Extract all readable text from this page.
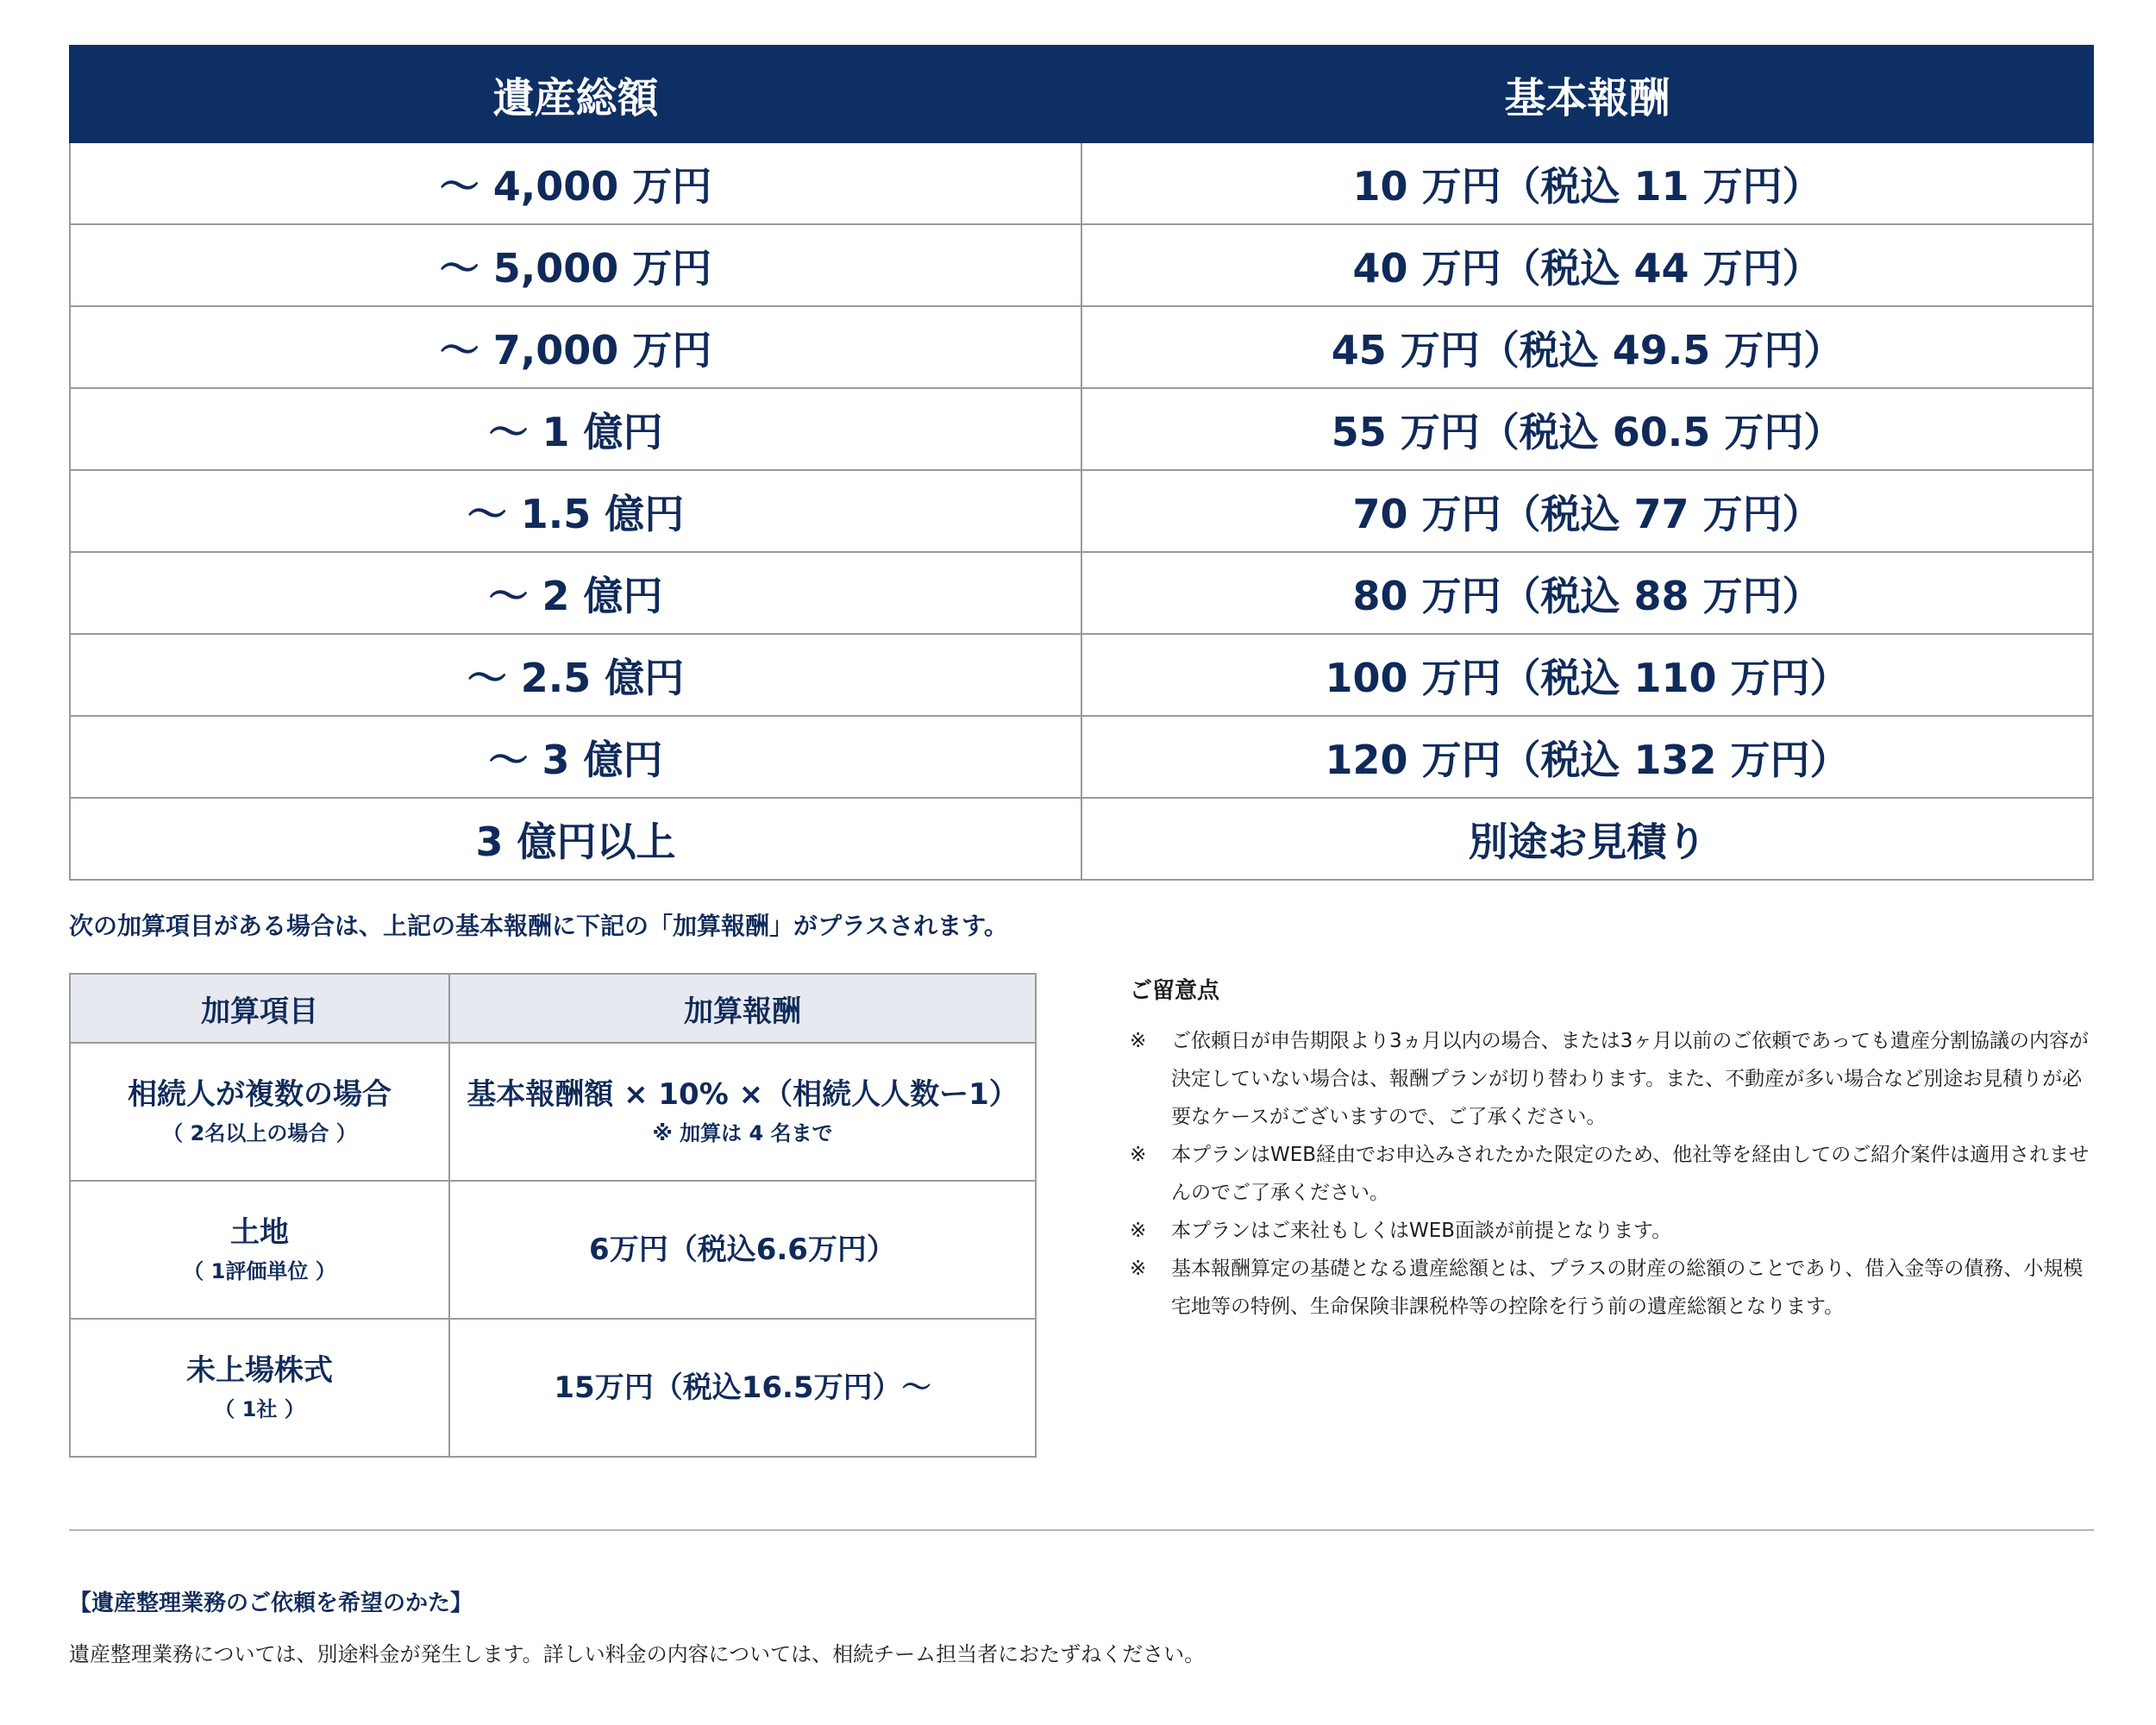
遺産総額	基本報酬
～ 4,000 万円	10 万円（税込 11 万円）
～ 5,000 万円	40 万円（税込 44 万円）
～ 7,000 万円	45 万円（税込 49.5 万円）
～ 1 億円	55 万円（税込 60.5 万円）
～ 1.5 億円	70 万円（税込 77 万円）
～ 2 億円	80 万円（税込 88 万円）
～ 2.5 億円	100 万円（税込 110 万円）
～ 3 億円	120 万円（税込 132 万円）
3 億円以上	別途お見積り
次の加算項目がある場合は、上記の基本報酬に下記の「加算報酬」がプラスされます。
加算項目	加算報酬

相続人が複数の場合
（ 2名以上の場合 ）	基本報酬額 × 10% ×（相続人人数ー1）
※ 加算は 4 名まで

土地
（ 1評価単位 ）	6万円（税込6.6万円）

未上場株式
（ 1社 ）	15万円（税込16.5万円）～
ご留意点

※	ご依頼日が申告期限より3ヵ月以内の場合、または3ヶ月以前のご依頼であっても遺産分割協議の内容が決定していない場合は、報酬プランが切り替わります。また、不動産が多い場合など別途お見積りが必要なケースがございますので、ご了承ください。

※	本プランはWEB経由でお申込みされたかた限定のため、他社等を経由してのご紹介案件は適用されませんのでご了承ください。

※	本プランはご来社もしくはWEB面談が前提となります。

※	基本報酬算定の基礎となる遺産総額とは、プラスの財産の総額のことであり、借入金等の債務、小規模宅地等の特例、生命保険非課税枠等の控除を行う前の遺産総額となります。

【遺産整理業務のご依頼を希望のかた】
遺産整理業務については、別途料金が発生します。詳しい料金の内容については、相続チーム担当者におたずねください。
